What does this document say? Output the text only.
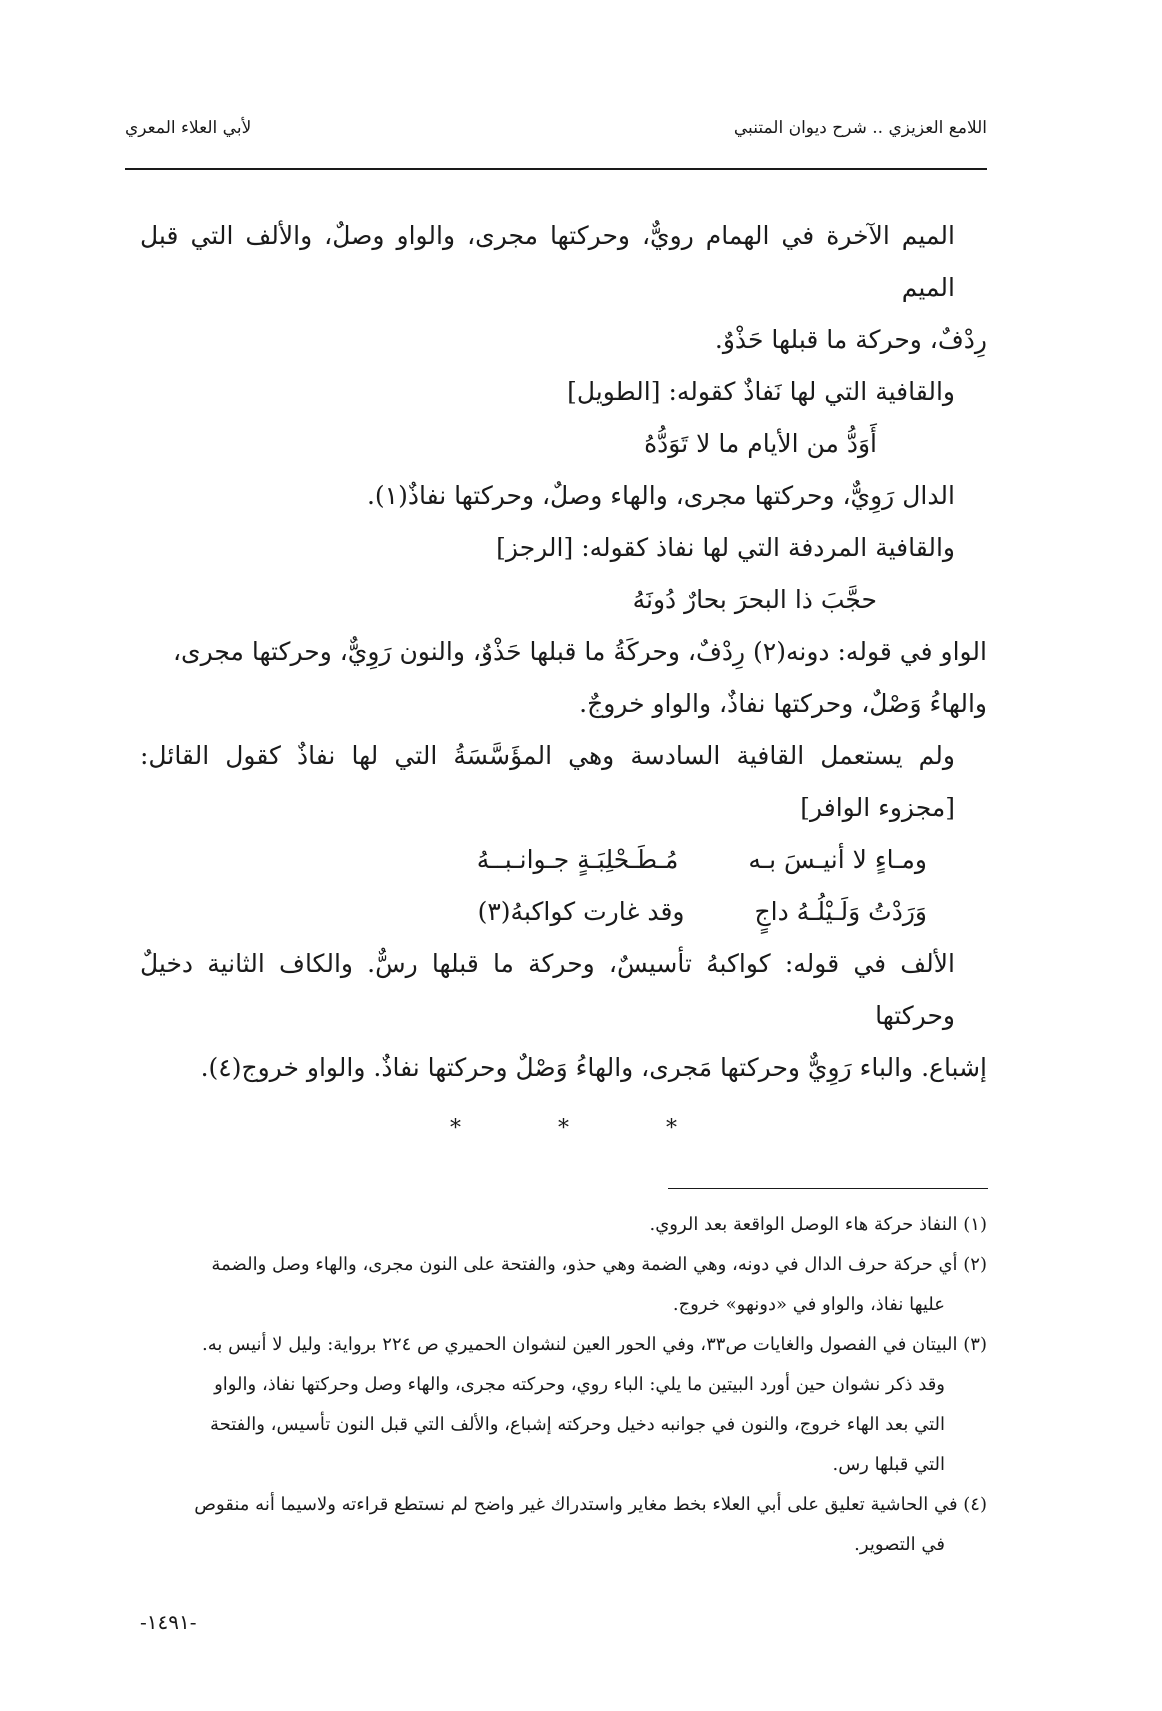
اللامع العزيزي .. شرح ديوان المتنبي
لأبي العلاء المعري

الميم الآخرة في الهمام رويٌّ، وحركتها مجرى، والواو وصلٌ، والألف التي قبل الميم

رِدْفٌ، وحركة ما قبلها حَذْوٌ.

والقافية التي لها نَفاذٌ كقوله: [الطويل]

أَوَدُّ من الأيام ما لا تَوَدُّهُ

الدال رَوِيٌّ، وحركتها مجرى، والهاء وصلٌ، وحركتها نفاذٌ(١).

والقافية المردفة التي لها نفاذ كقوله: [الرجز]

حجَّبَ ذا البحرَ بحارٌ دُونَهُ

الواو في قوله: دونه(٢) رِدْفٌ، وحركَةُ ما قبلها حَذْوٌ، والنون رَوِيٌّ، وحركتها مجرى،

والهاءُ وَصْلٌ، وحركتها نفاذٌ، والواو خروجٌ.

ولم يستعمل القافية السادسة وهي المؤَسَّسَةُ التي لها نفاذٌ كقول القائل: [مجزوء الوافر]

ومـاءٍ لا أنيـسَ بـه
مُـطَـحْلِبَـةٍ جـوانـبــهُ
وَرَدْتُ وَلَـيْلُـهُ داجٍ
وقد غارت كواكبهُ(٣)

الألف في قوله: كواكبهُ تأسيسٌ، وحركة ما قبلها رسٌّ. والكاف الثانية دخيلٌ وحركتها

إشباع. والباء رَوِيٌّ وحركتها مَجرى، والهاءُ وَصْلٌ وحركتها نفاذٌ. والواو خروج(٤).

* * *

(١) النفاذ حركة هاء الوصل الواقعة بعد الروي.

(٢) أي حركة حرف الدال في دونه، وهي الضمة وهي حذو، والفتحة على النون مجرى، والهاء وصل والضمة

عليها نفاذ، والواو في «دونهو» خروج.

(٣) البيتان في الفصول والغايات ص٣٣، وفي الحور العين لنشوان الحميري ص ٢٢٤ برواية: وليل لا أنيس به.

وقد ذكر نشوان حين أورد البيتين ما يلي: الباء روي، وحركته مجرى، والهاء وصل وحركتها نفاذ، والواو

التي بعد الهاء خروج، والنون في جوانبه دخيل وحركته إشباع، والألف التي قبل النون تأسيس، والفتحة

التي قبلها رس.

(٤) في الحاشية تعليق على أبي العلاء بخط مغاير واستدراك غير واضح لم نستطع قراءته ولاسيما أنه منقوص

في التصوير.

-١٤٩١-
